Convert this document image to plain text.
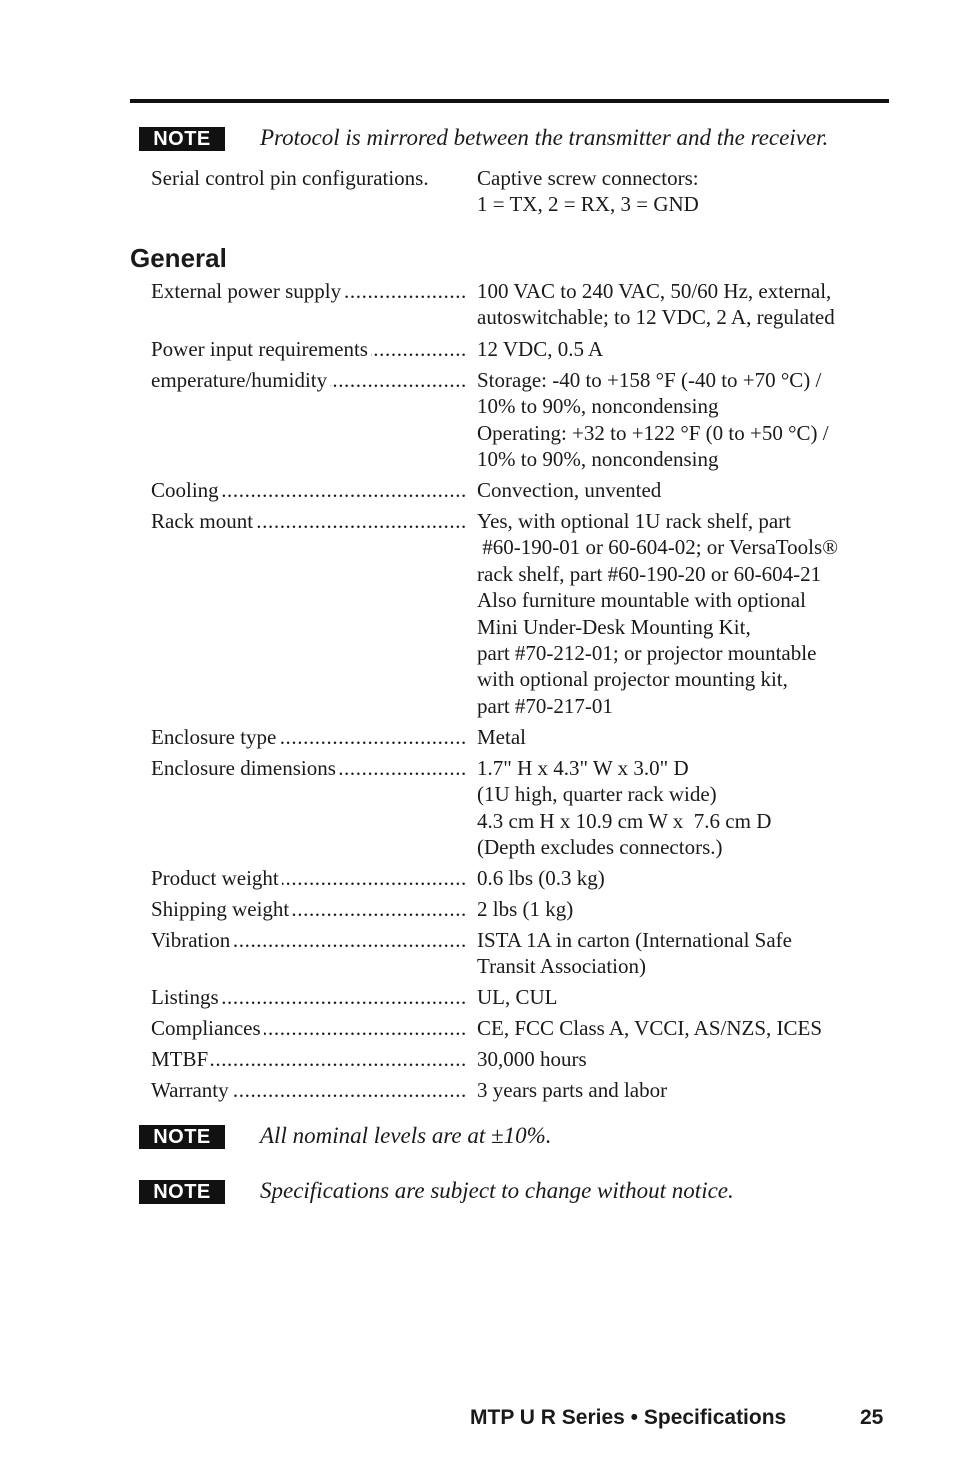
NOTE	Protocol is mirrored between the transmitter and the receiver.
Serial control pin configurations.	Captive screw connectors:
1 = TX, 2 = RX, 3 = GND
General
External power supply .....	100 VAC to 240 VAC, 50/60 Hz, external,
autoswitchable; to 12 VDC, 2 A, regulated
Power input requirements .....	12 VDC, 0.5 A
emperature/humidity .....	Storage: -40 to +158 °F (-40 to +70 °C) /
10% to 90%, noncondensing
Operating: +32 to +122 °F (0 to +50 °C) /
10% to 90%, noncondensing
Cooling .....	Convection, unvented
Rack mount .....	Yes, with optional 1U rack shelf, part
#60-190-01 or 60-604-02; or VersaTools®
rack shelf, part #60-190-20 or 60-604-21
Also furniture mountable with optional
Mini Under-Desk Mounting Kit,
part #70-212-01; or projector mountable
with optional projector mounting kit,
part #70-217-01
Enclosure type .....	Metal
Enclosure dimensions .....	1.7" H x 4.3" W x 3.0" D
(1U high, quarter rack wide)
4.3 cm H x 10.9 cm W x  7.6 cm D
(Depth excludes connectors.)
Product weight .....	0.6 lbs (0.3 kg)
Shipping weight .....	2 lbs (1 kg)
Vibration .....	ISTA 1A in carton (International Safe
Transit Association)
Listings .....	UL, CUL
Compliances .....	CE, FCC Class A, VCCI, AS/NZS, ICES
MTBF .....	30,000 hours
Warranty .....	3 years parts and labor
NOTE	All nominal levels are at ±10%.
NOTE	Specifications are subject to change without notice.
MTP U R Series • Specifications	25
